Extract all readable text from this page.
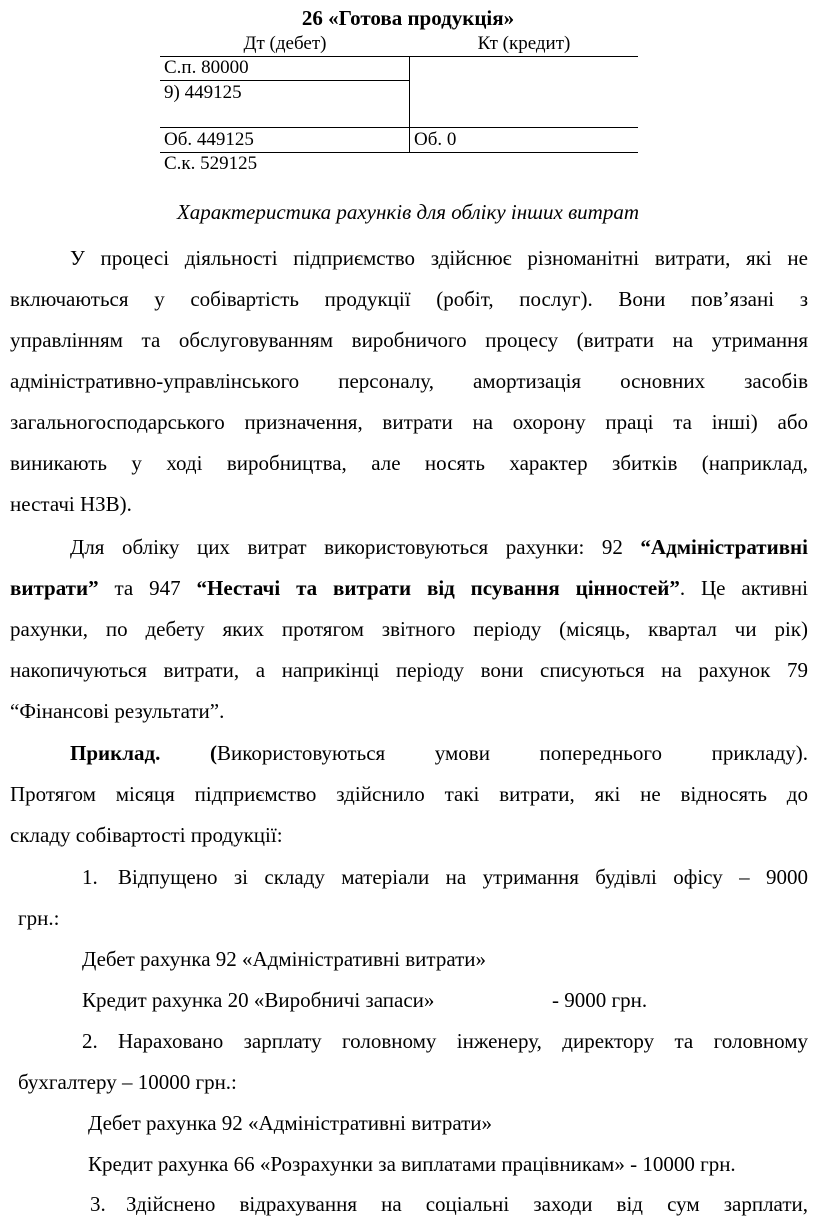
26 «Готова продукція»
Дт (дебет)	Кт (кредит)
С.п. 80000
9) 449125
Об. 449125	Об. 0
С.к. 529125
Характеристика рахунків для обліку інших витрат
У процесі діяльності підприємство здійснює різноманітні витрати, які не
включаються у собівартість продукції (робіт, послуг). Вони пов’язані з
управлінням та обслуговуванням виробничого процесу (витрати на утримання
адміністративно-управлінського персоналу, амортизація основних засобів
загальногосподарського призначення, витрати на охорону праці та інші) або
виникають у ході виробництва, але носять характер збитків (наприклад,
нестачі НЗВ).
Для обліку цих витрат використовуються рахунки: 92 “Адміністративні
витрати” та 947 “Нестачі та витрати від псування цінностей”. Це активні
рахунки, по дебету яких протягом звітного періоду (місяць, квартал чи рік)
накопичуються витрати, а наприкінці періоду вони списуються на рахунок 79
“Фінансові результати”.
Приклад. (Використовуються умови попереднього прикладу).
Протягом місяця підприємство здійснило такі витрати, які не відносять до
складу собівартості продукції:
1. Відпущено зі складу матеріали на утримання будівлі офісу – 9000
грн.:
Дебет рахунка 92 «Адміністративні витрати»
Кредит рахунка 20 «Виробничі запаси»	- 9000 грн.
2. Нараховано зарплату головному інженеру, директору та головному
бухгалтеру – 10000 грн.:
Дебет рахунка 92 «Адміністративні витрати»
Кредит рахунка 66 «Розрахунки за виплатами працівникам» - 10000 грн.
3. Здійснено відрахування на соціальні заходи від сум зарплати,
